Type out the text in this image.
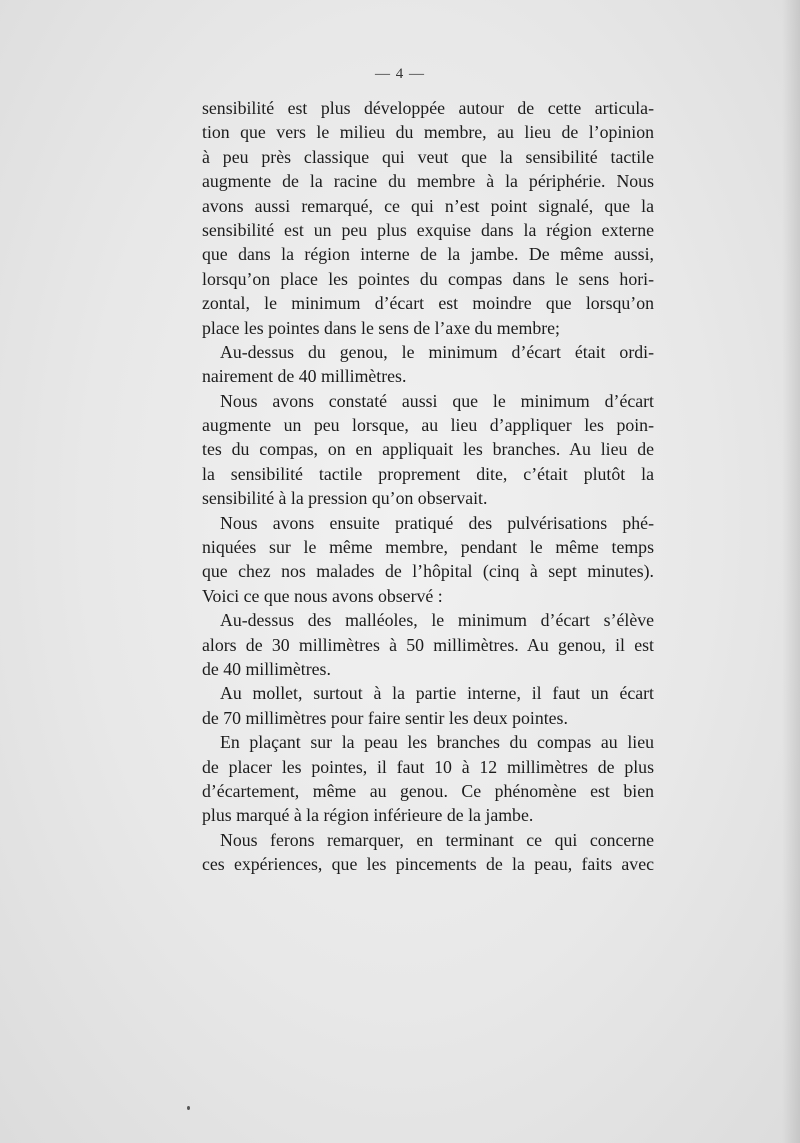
— 4 —
sensibilité est plus développée autour de cette articula-
tion que vers le milieu du membre, au lieu de l’opinion
à peu près classique qui veut que la sensibilité tactile
augmente de la racine du membre à la périphérie. Nous
avons aussi remarqué, ce qui n’est point signalé, que la
sensibilité est un peu plus exquise dans la région externe
que dans la région interne de la jambe. De même aussi,
lorsqu’on place les pointes du compas dans le sens hori-
zontal, le minimum d’écart est moindre que lorsqu’on
place les pointes dans le sens de l’axe du membre;
Au-dessus du genou, le minimum d’écart était ordi-
nairement de 40 millimètres.
Nous avons constaté aussi que le minimum d’écart
augmente un peu lorsque, au lieu d’appliquer les poin-
tes du compas, on en appliquait les branches. Au lieu de
la sensibilité tactile proprement dite, c’était plutôt la
sensibilité à la pression qu’on observait.
Nous avons ensuite pratiqué des pulvérisations phé-
niquées sur le même membre, pendant le même temps
que chez nos malades de l’hôpital (cinq à sept minutes).
Voici ce que nous avons observé :
Au-dessus des malléoles, le minimum d’écart s’élève
alors de 30 millimètres à 50 millimètres. Au genou, il est
de 40 millimètres.
Au mollet, surtout à la partie interne, il faut un écart
de 70 millimètres pour faire sentir les deux pointes.
En plaçant sur la peau les branches du compas au lieu
de placer les pointes, il faut 10 à 12 millimètres de plus
d’écartement, même au genou. Ce phénomène est bien
plus marqué à la région inférieure de la jambe.
Nous ferons remarquer, en terminant ce qui concerne
ces expériences, que les pincements de la peau, faits avec
